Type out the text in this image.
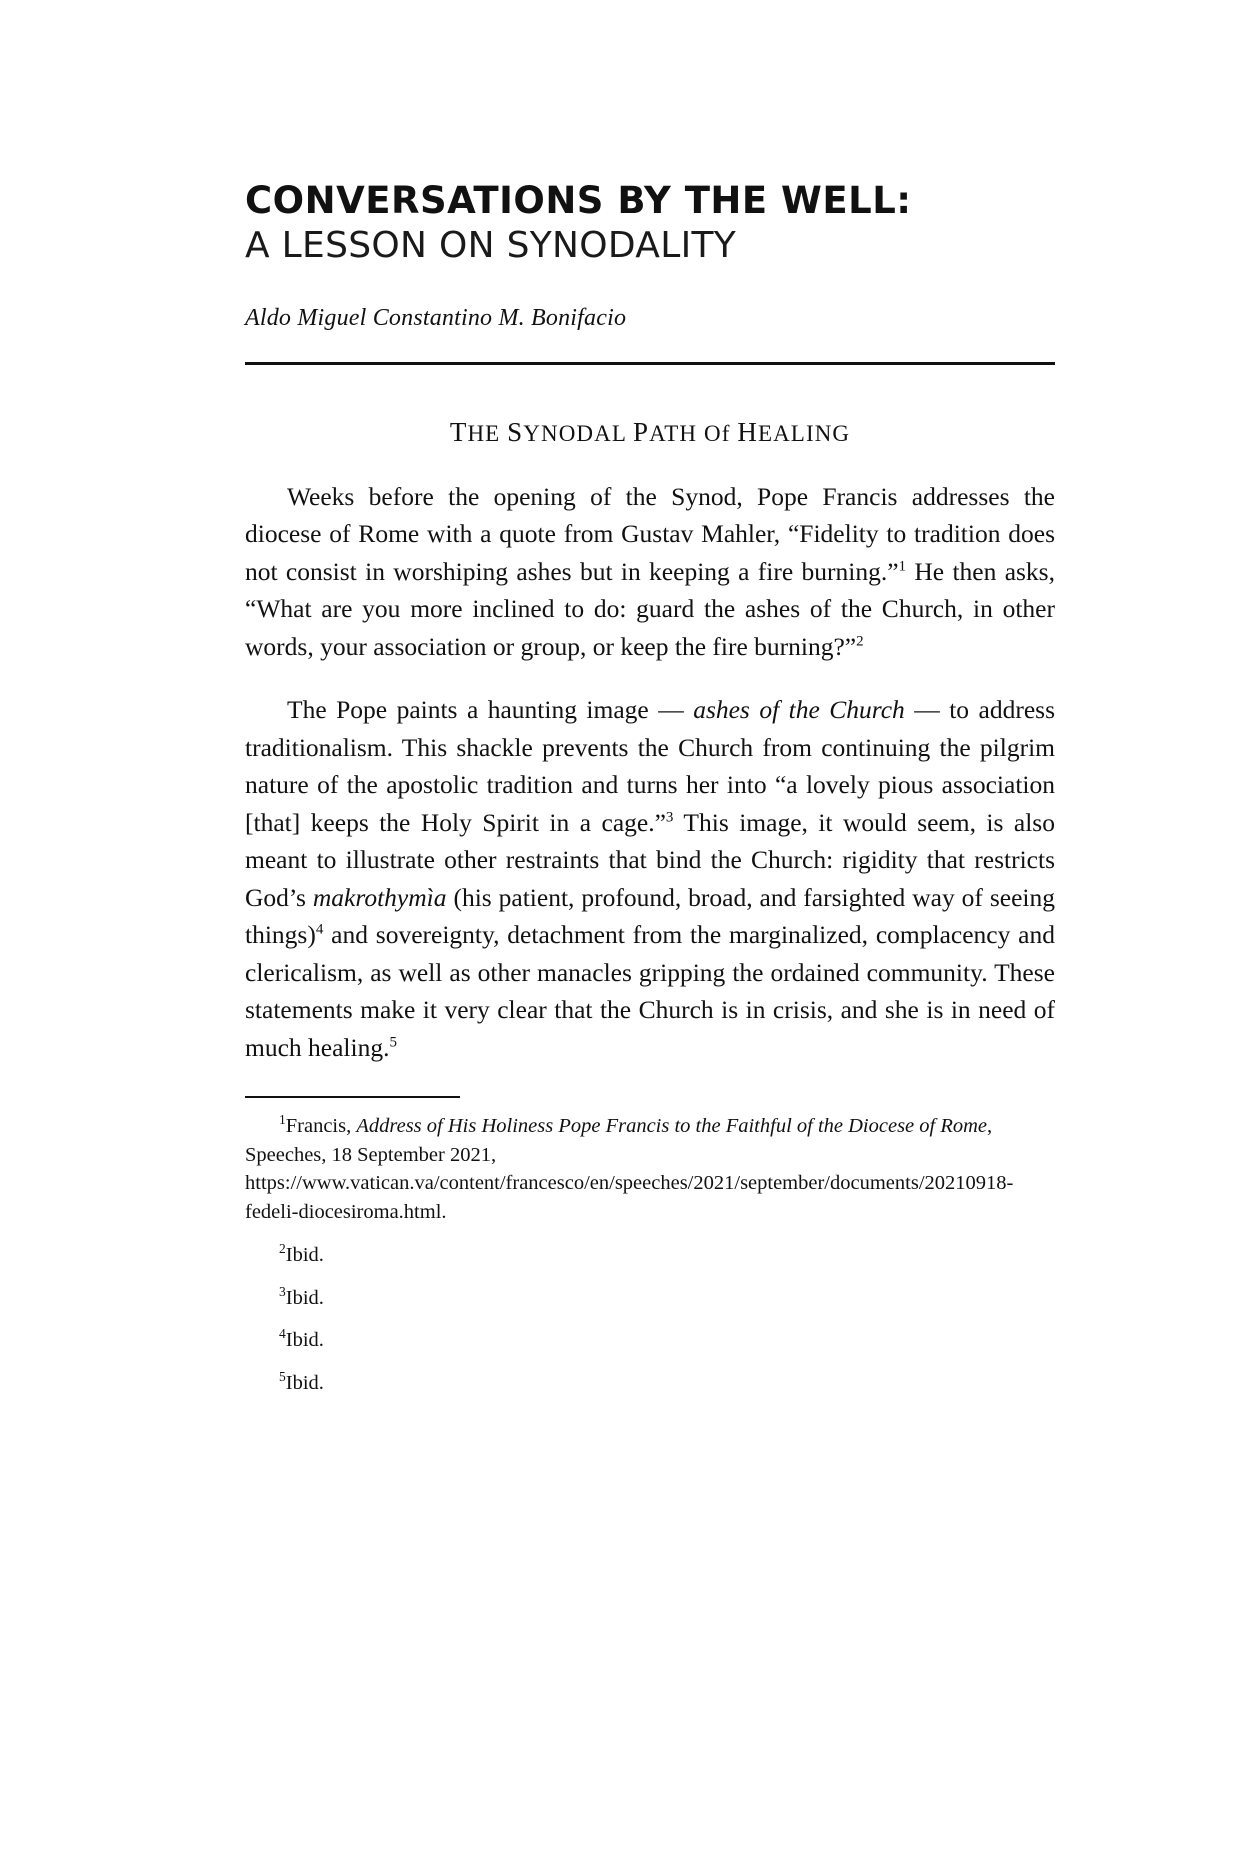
CONVERSATIONS BY THE WELL:
A LESSON ON SYNODALITY
Aldo Miguel Constantino M. Bonifacio
THE SYNODAL PATH Of HEALING

Weeks before the opening of the Synod, Pope Francis addresses the diocese of Rome with a quote from Gustav Mahler, “Fidelity to tradition does not consist in worshiping ashes but in keeping a fire burning.”$^1$ He then asks, “What are you more inclined to do: guard the ashes of the Church, in other words, your association or group, or keep the fire burning?”$^2$

The Pope paints a haunting image — ashes of the Church — to address traditionalism. This shackle prevents the Church from continuing the pilgrim nature of the apostolic tradition and turns her into “a lovely pious association [that] keeps the Holy Spirit in a cage.”$^3$ This image, it would seem, is also meant to illustrate other restraints that bind the Church: rigidity that restricts God’s makrothymìa (his patient, profound, broad, and farsighted way of seeing things)$^4$ and sovereignty, detachment from the marginalized, complacency and clericalism, as well as other manacles gripping the ordained community. These statements make it very clear that the Church is in crisis, and she is in need of much healing.$^5$

$^1$Francis, Address of His Holiness Pope Francis to the Faithful of the Diocese of Rome, Speeches, 18 September 2021, https://www.vatican.va/content/francesco/en/speeches/2021/september/documents/20210918-fedeli-diocesiroma.html.

$^2$Ibid.

$^3$Ibid.

$^4$Ibid.

$^5$Ibid.
